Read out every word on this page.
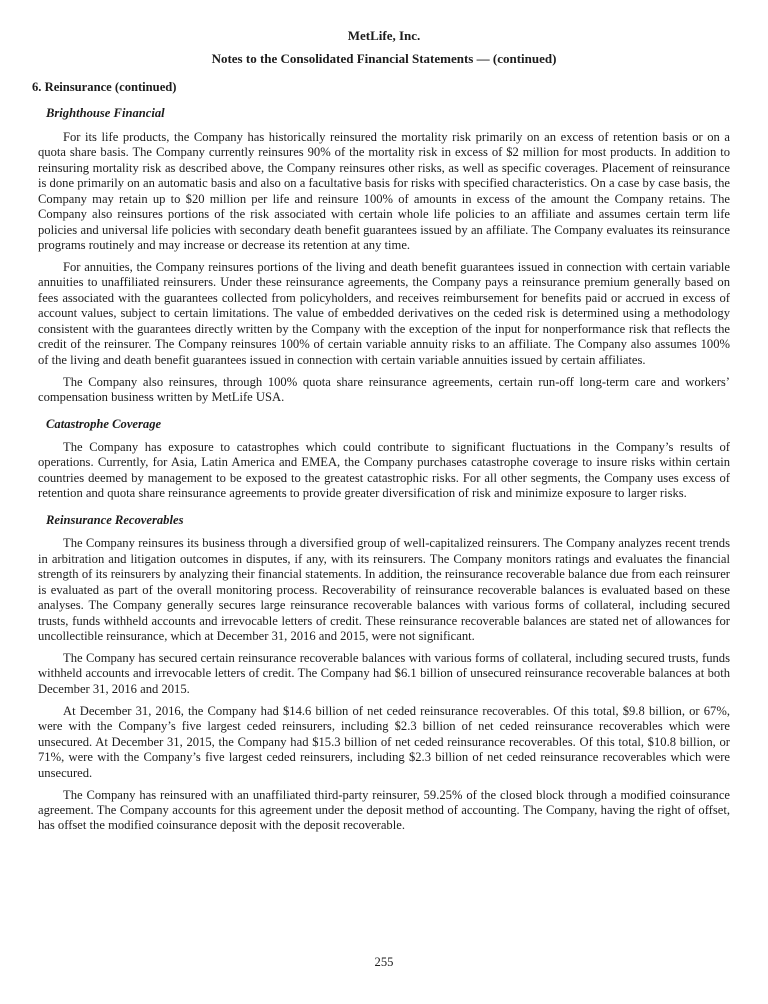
MetLife, Inc.
Notes to the Consolidated Financial Statements — (continued)
6. Reinsurance (continued)
Brighthouse Financial

For its life products, the Company has historically reinsured the mortality risk primarily on an excess of retention basis or on a quota share basis. The Company currently reinsures 90% of the mortality risk in excess of $2 million for most products. In addition to reinsuring mortality risk as described above, the Company reinsures other risks, as well as specific coverages. Placement of reinsurance is done primarily on an automatic basis and also on a facultative basis for risks with specified characteristics. On a case by case basis, the Company may retain up to $20 million per life and reinsure 100% of amounts in excess of the amount the Company retains. The Company also reinsures portions of the risk associated with certain whole life policies to an affiliate and assumes certain term life policies and universal life policies with secondary death benefit guarantees issued by an affiliate. The Company evaluates its reinsurance programs routinely and may increase or decrease its retention at any time.

For annuities, the Company reinsures portions of the living and death benefit guarantees issued in connection with certain variable annuities to unaffiliated reinsurers. Under these reinsurance agreements, the Company pays a reinsurance premium generally based on fees associated with the guarantees collected from policyholders, and receives reimbursement for benefits paid or accrued in excess of account values, subject to certain limitations. The value of embedded derivatives on the ceded risk is determined using a methodology consistent with the guarantees directly written by the Company with the exception of the input for nonperformance risk that reflects the credit of the reinsurer. The Company reinsures 100% of certain variable annuity risks to an affiliate. The Company also assumes 100% of the living and death benefit guarantees issued in connection with certain variable annuities issued by certain affiliates.

The Company also reinsures, through 100% quota share reinsurance agreements, certain run-off long-term care and workers’ compensation business written by MetLife USA.

Catastrophe Coverage

The Company has exposure to catastrophes which could contribute to significant fluctuations in the Company’s results of operations. Currently, for Asia, Latin America and EMEA, the Company purchases catastrophe coverage to insure risks within certain countries deemed by management to be exposed to the greatest catastrophic risks. For all other segments, the Company uses excess of retention and quota share reinsurance agreements to provide greater diversification of risk and minimize exposure to larger risks.

Reinsurance Recoverables

The Company reinsures its business through a diversified group of well-capitalized reinsurers. The Company analyzes recent trends in arbitration and litigation outcomes in disputes, if any, with its reinsurers. The Company monitors ratings and evaluates the financial strength of its reinsurers by analyzing their financial statements. In addition, the reinsurance recoverable balance due from each reinsurer is evaluated as part of the overall monitoring process. Recoverability of reinsurance recoverable balances is evaluated based on these analyses. The Company generally secures large reinsurance recoverable balances with various forms of collateral, including secured trusts, funds withheld accounts and irrevocable letters of credit. These reinsurance recoverable balances are stated net of allowances for uncollectible reinsurance, which at December 31, 2016 and 2015, were not significant.

The Company has secured certain reinsurance recoverable balances with various forms of collateral, including secured trusts, funds withheld accounts and irrevocable letters of credit. The Company had $6.1 billion of unsecured reinsurance recoverable balances at both December 31, 2016 and 2015.

At December 31, 2016, the Company had $14.6 billion of net ceded reinsurance recoverables. Of this total, $9.8 billion, or 67%, were with the Company’s five largest ceded reinsurers, including $2.3 billion of net ceded reinsurance recoverables which were unsecured. At December 31, 2015, the Company had $15.3 billion of net ceded reinsurance recoverables. Of this total, $10.8 billion, or 71%, were with the Company’s five largest ceded reinsurers, including $2.3 billion of net ceded reinsurance recoverables which were unsecured.

The Company has reinsured with an unaffiliated third-party reinsurer, 59.25% of the closed block through a modified coinsurance agreement. The Company accounts for this agreement under the deposit method of accounting. The Company, having the right of offset, has offset the modified coinsurance deposit with the deposit recoverable.

255
